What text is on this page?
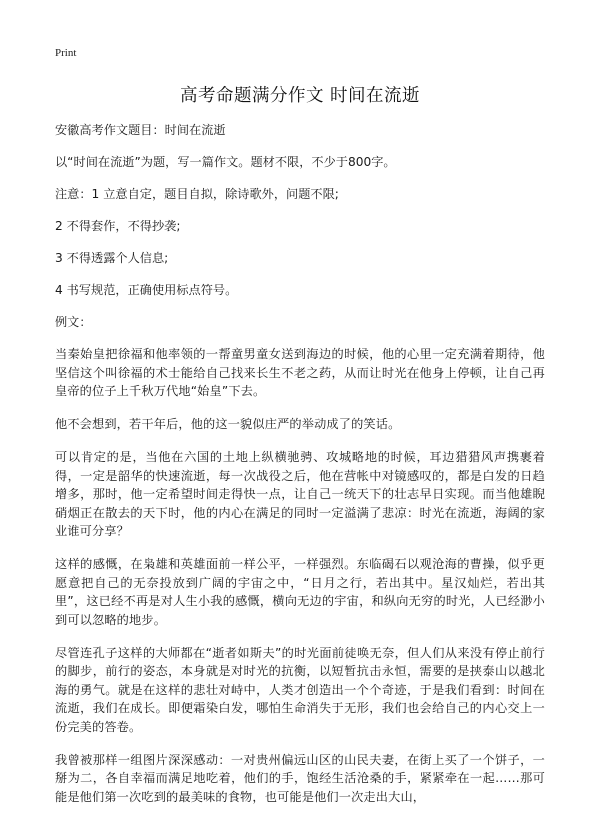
Print
高考命题满分作文 时间在流逝

安徽高考作文题目：时间在流逝

以“时间在流逝”为题，写一篇作文。题材不限，不少于800字。

注意：1 立意自定，题目自拟，除诗歌外，问题不限;

2 不得套作，不得抄袭;

3 不得透露个人信息;

4 书写规范，正确使用标点符号。

例文：

当秦始皇把徐福和他率领的一帮童男童女送到海边的时候，他的心里一定充满着期待，他坚信这个叫徐福的术士能给自己找来长生不老之药，从而让时光在他身上停顿，让自己再皇帝的位子上千秋万代地“始皇”下去。

他不会想到，若干年后，他的这一貌似庄严的举动成了的笑话。

可以肯定的是，当他在六国的土地上纵横驰骋、攻城略地的时候，耳边猎猎风声携裹着得，一定是韶华的快速流逝，每一次战役之后，他在营帐中对镜感叹的，都是白发的日趋增多，那时，他一定希望时间走得快一点，让自己一统天下的壮志早日实现。而当他雄睨硝烟正在散去的天下时，他的内心在满足的同时一定溢满了悲凉：时光在流逝，海阔的家业谁可分享？

这样的感慨，在枭雄和英雄面前一样公平，一样强烈。东临碣石以观沧海的曹操，似乎更愿意把自己的无奈投放到广阔的宇宙之中，“日月之行，若出其中。星汉灿烂，若出其里”，这已经不再是对人生小我的感慨，横向无边的宇宙，和纵向无穷的时光，人已经渺小到可以忽略的地步。

尽管连孔子这样的大师都在“逝者如斯夫”的时光面前徒唤无奈，但人们从来没有停止前行的脚步，前行的姿态，本身就是对时光的抗衡，以短暂抗击永恒，需要的是挟泰山以越北海的勇气。就是在这样的悲壮对峙中，人类才创造出一个个奇迹，于是我们看到：时间在流逝，我们在成长。即便霜染白发，哪怕生命消失于无形，我们也会给自己的内心交上一份完美的答卷。

我曾被那样一组图片深深感动：一对贵州偏远山区的山民夫妻，在街上买了一个饼子，一掰为二，各自幸福而满足地吃着，他们的手，饱经生活沧桑的手，紧紧牵在一起……那可能是他们第一次吃到的最美味的食物，也可能是他们一次走出大山，
